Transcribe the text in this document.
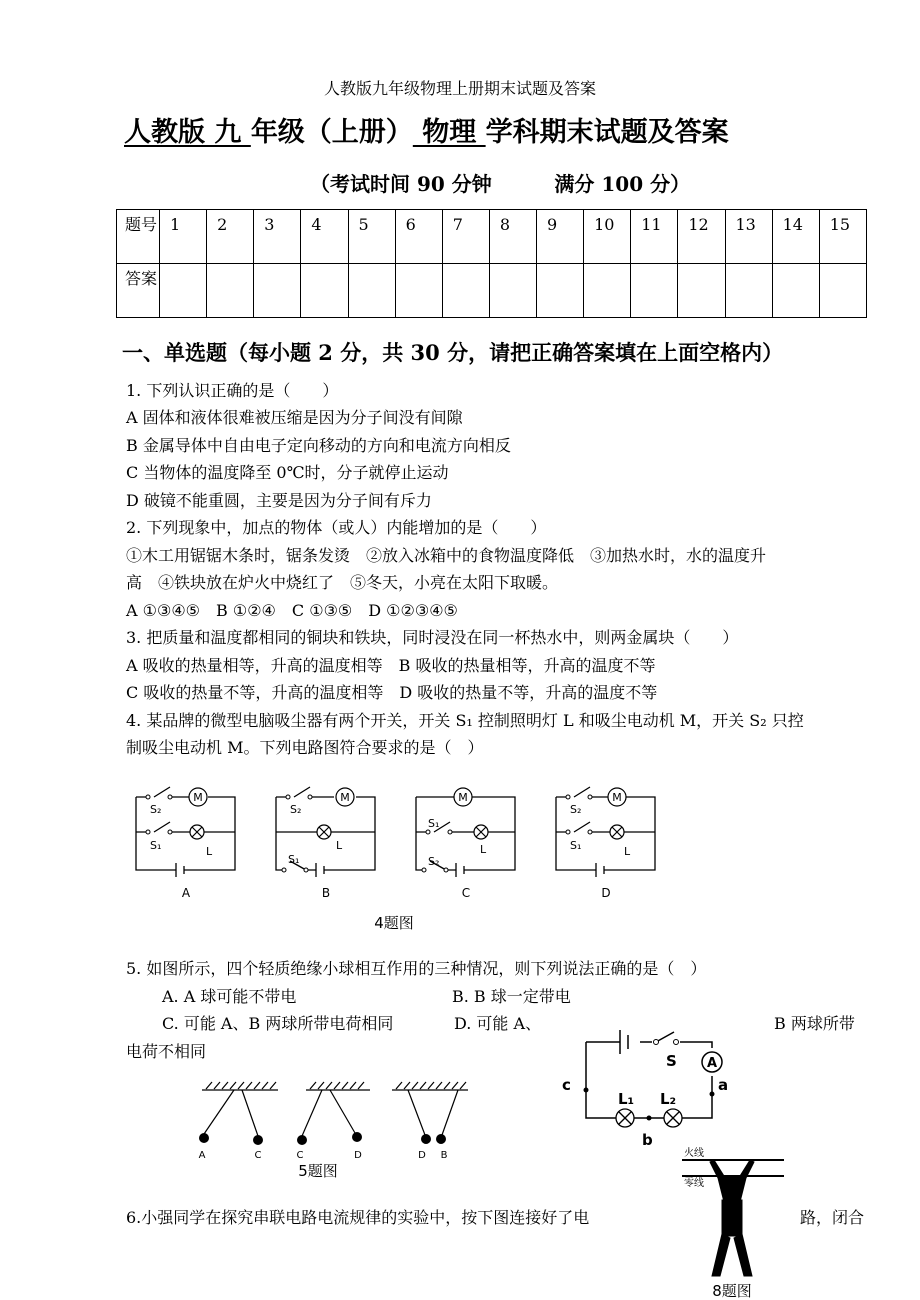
人教版九年级物理上册期末试题及答案
人教版 九 年级（上册） 物理 学科期末试题及答案
（考试时间 90 分钟         满分 100 分）
题号	1	2	3	4	5	6	7	8	9	10	11	12	13	14	15
答案															
一、单选题（每小题 2 分，共 30 分，请把正确答案填在上面空格内）
1. 下列认识正确的是（　　）
A 固体和液体很难被压缩是因为分子间没有间隙
B 金属导体中自由电子定向移动的方向和电流方向相反
C 当物体的温度降至 0℃时，分子就停止运动
D 破镜不能重圆，主要是因为分子间有斥力
2. 下列现象中，加点的物体（或人）内能增加的是（　　）
①木工用锯锯木条时，锯条发烫　②放入冰箱中的食物温度降低　③加热水时，水的温度升
高　④铁块放在炉火中烧红了　⑤冬天，小亮在太阳下取暖。
A ①③④⑤　B ①②④　C ①③⑤　D ①②③④⑤
3. 把质量和温度都相同的铜块和铁块，同时浸没在同一杯热水中，则两金属块（　　）
A 吸收的热量相等，升高的温度相等　B 吸收的热量相等，升高的温度不等
C 吸收的热量不等，升高的温度相等　D 吸收的热量不等，升高的温度不等
4. 某品牌的微型电脑吸尘器有两个开关，开关 S₁ 控制照明灯 L 和吸尘电动机 M，开关 S₂ 只控
制吸尘电动机 M。下列电路图符合要求的是（　）
M
S₂
S₁	L
S₂
L
S₁
S₁
L
S₂
S₂
S₁	L
A	B	C	D
4题图
5. 如图所示，四个轻质绝缘小球相互作用的三种情况，则下列说法正确的是（　）
A. A 球可能不带电	B. B 球一定带电
C. 可能 A、B 两球所带电荷相同	D. 可能 A、	B 两球所带
电荷不相同
A	C	C	D	D B
5题图
A
S
L₁ L₂
a
b
c
火线
零线
8题图
6.小强同学在探究串联电路电流规律的实验中，按下图连接好了电	路，闭合
